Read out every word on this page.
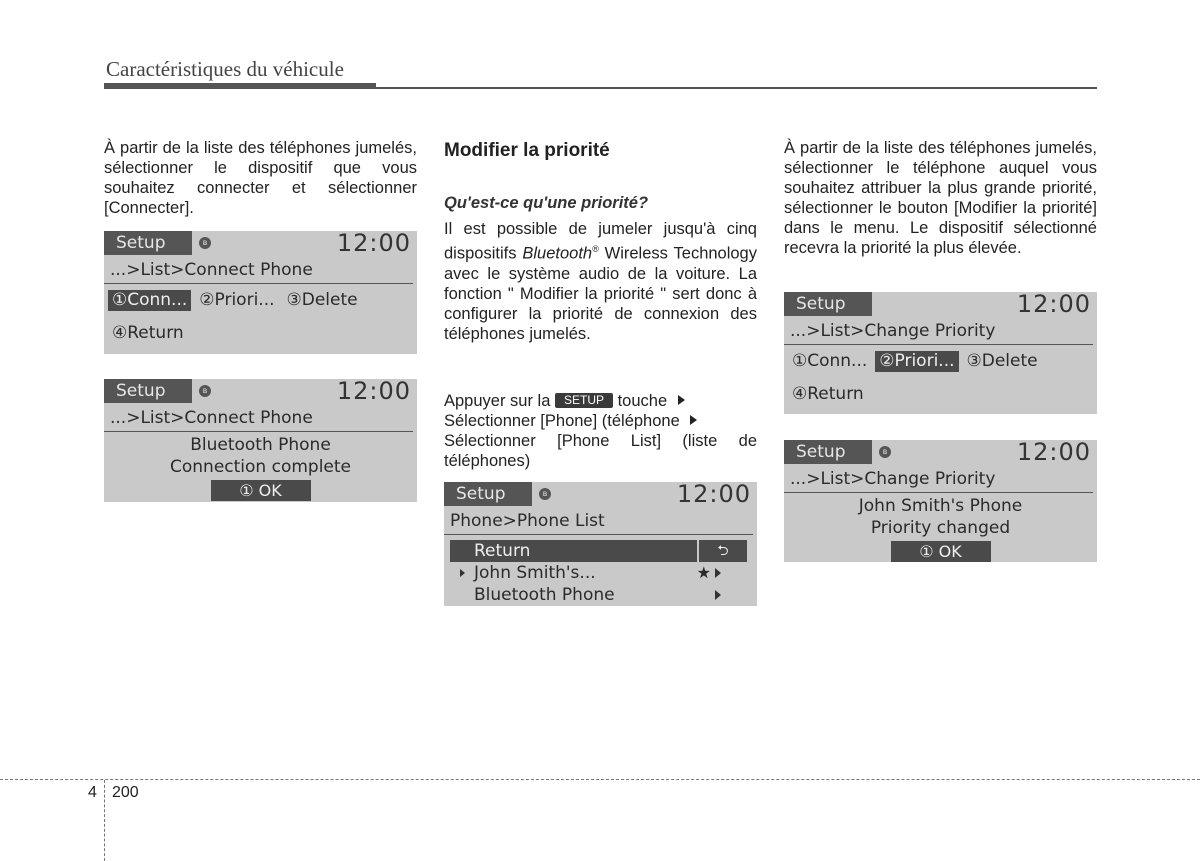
Caractéristiques du véhicule

À partir de la liste des téléphones jumelés, sélectionner le dispositif que vous souhaitez connecter et sélectionner [Connecter].

Setup	ʙ	12:00
...>List>Connect Phone
①Conn... ②Priori... ③Delete
④Return
Setup	ʙ	12:00
...>List>Connect Phone
Bluetooth Phone
Connection complete
① OK
Modifier la priorité
Qu'est-ce qu'une priorité?

Il est possible de jumeler jusqu'à cinq dispositifs Bluetooth® Wireless Technology avec le système audio de la voiture. La fonction " Modifier la priorité " sert donc à configurer la priorité de connexion des téléphones jumelés.

Appuyer sur la SETUP touche
Sélectionner [Phone] (téléphone
Sélectionner [Phone List] (liste de téléphones)

Setup	ʙ	12:00
Phone>Phone List
Return	⮌
John Smith's...	★
Bluetooth Phone

À partir de la liste des téléphones jumelés, sélectionner le téléphone auquel vous souhaitez attribuer la plus grande priorité, sélectionner le bouton [Modifier la priorité] dans le menu. Le dispositif sélectionné recevra la priorité la plus élevée.

Setup	12:00
...>List>Change Priority
①Conn... ②Priori... ③Delete
④Return
Setup	ʙ	12:00
...>List>Change Priority
John Smith's Phone
Priority changed
① OK
4 200
